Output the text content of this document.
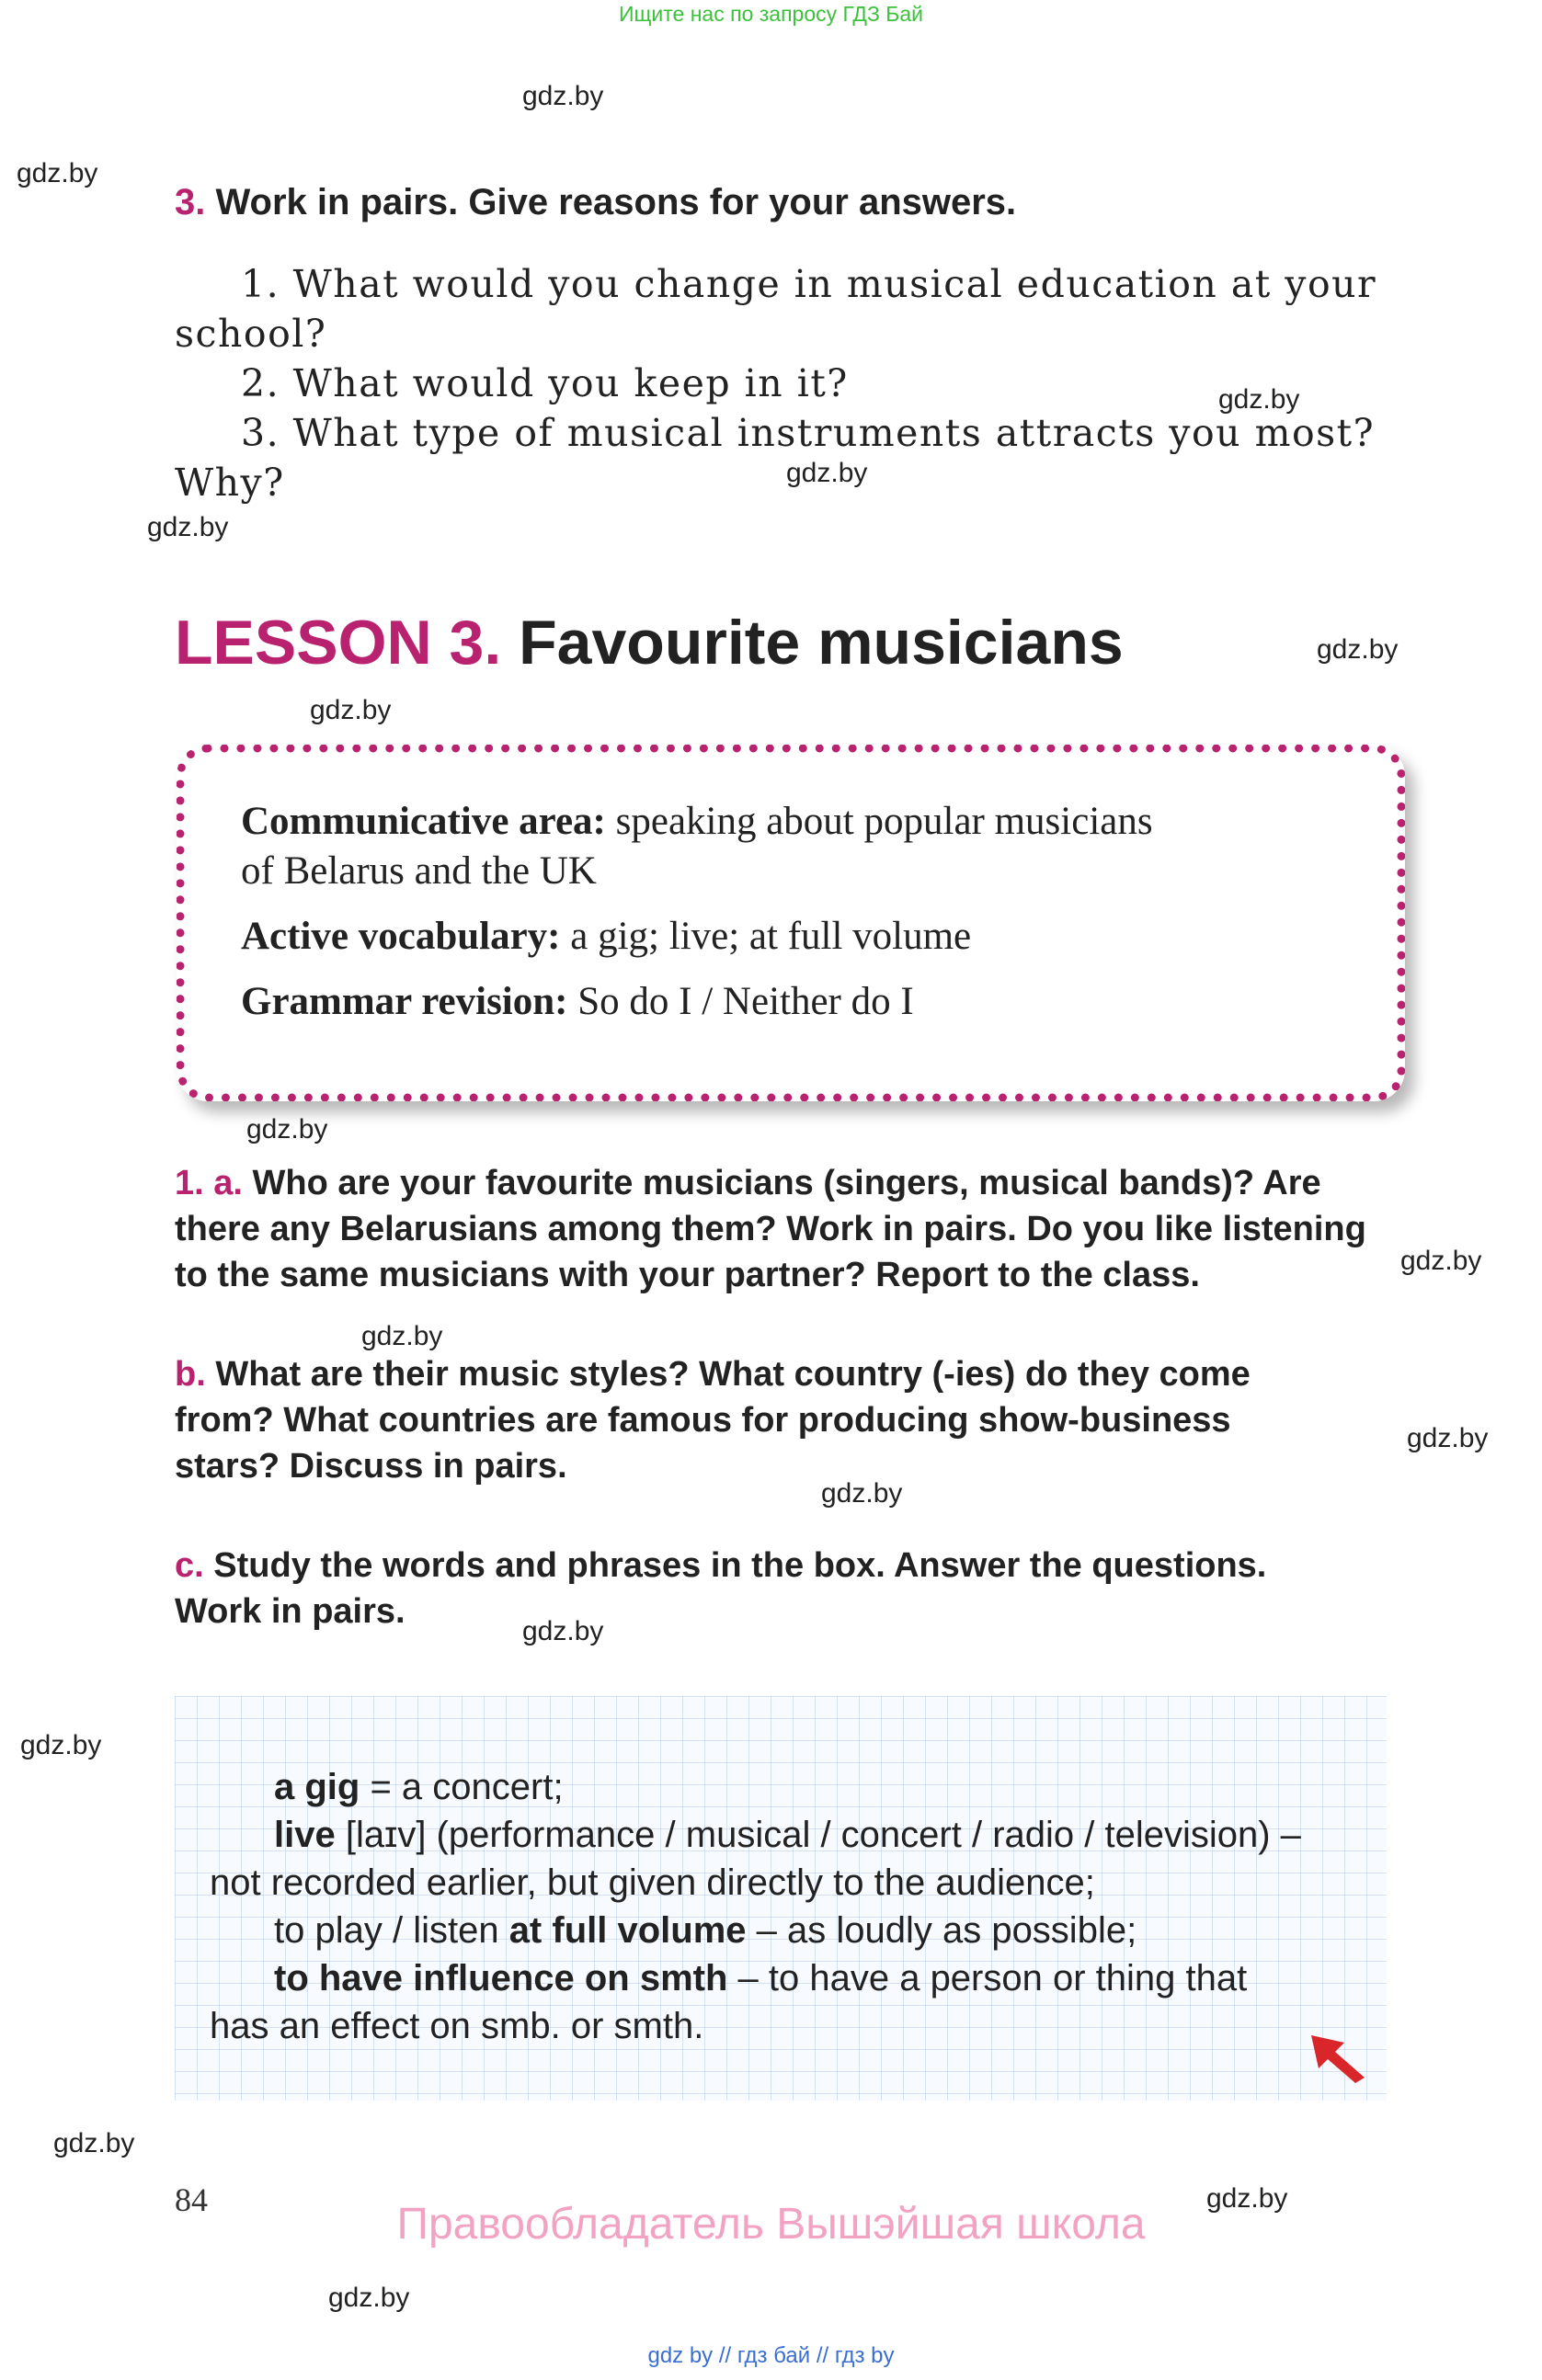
Ищите нас по запросу ГДЗ Бай
gdz.by
gdz.by
gdz.by
gdz.by
gdz.by
gdz.by
gdz.by
gdz.by
gdz.by
gdz.by
gdz.by
gdz.by
gdz.by
gdz.by
gdz.by
gdz.by
gdz.by
3. Work in pairs. Give reasons for your answers.
1. What would you change in musical education at your
school?
2. What would you keep in it?
3. What type of musical instruments attracts you most?
Why?
LESSON 3. Favourite musicians
Communicative area: speaking about popular musicians
of Belarus and the UK
Active vocabulary: a gig; live; at full volume
Grammar revision: So do I / Neither do I
1. a. Who are your favourite musicians (singers, musical bands)? Are
there any Belarusians among them? Work in pairs. Do you like listening
to the same musicians with your partner? Report to the class.
b. What are their music styles? What country (-ies) do they come
from? What countries are famous for producing show-business
stars? Discuss in pairs.
c. Study the words and phrases in the box. Answer the questions.
Work in pairs.
a gig = a concert;
live [laɪv] (performance / musical / concert / radio / television) –
not recorded earlier, but given directly to the audience;
to play / listen at full volume – as loudly as possible;
to have influence on smth – to have a person or thing that
has an effect on smb. or smth.
84	Правообладатель Вышэйшая школа
gdz by // гдз бай // гдз by
